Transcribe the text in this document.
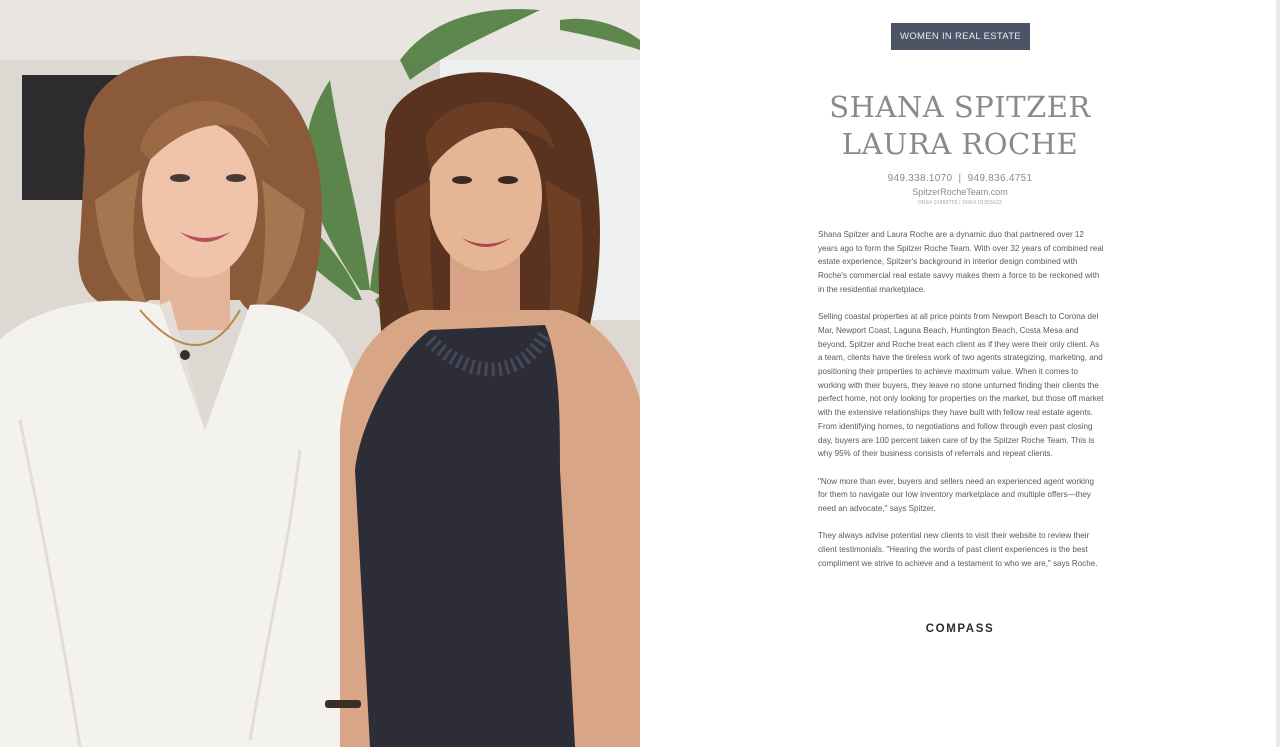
WOMEN IN REAL ESTATE
SHANA SPITZER
LAURA ROCHE
949.338.1070  |  949.836.4751
SpitzerRocheTeam.com
DRE# 01888755 | DRE# 01355623

Shana Spitzer and Laura Roche are a dynamic duo that partnered over 12 years ago to form the Spitzer Roche Team. With over 32 years of combined real estate experience, Spitzer's background in interior design combined with Roche's commercial real estate savvy makes them a force to be reckoned with in the residential marketplace.

Selling coastal properties at all price points from Newport Beach to Corona del Mar, Newport Coast, Laguna Beach, Huntington Beach, Costa Mesa and beyond, Spitzer and Roche treat each client as if they were their only client. As a team, clients have the tireless work of two agents strategizing, marketing, and positioning their properties to achieve maximum value. When it comes to working with their buyers, they leave no stone unturned finding their clients the perfect home, not only looking for properties on the market, but those off market with the extensive relationships they have built with fellow real estate agents. From identifying homes, to negotiations and follow through even past closing day, buyers are 100 percent taken care of by the Spitzer Roche Team. This is why 95% of their business consists of referrals and repeat clients.

"Now more than ever, buyers and sellers need an experienced agent working for them to navigate our low inventory marketplace and multiple offers—they need an advocate," says Spitzer.

They always advise potential new clients to visit their website to review their client testimonials. "Hearing the words of past client experiences is the best compliment we strive to achieve and a testament to who we are," says Roche.

COMPASS
